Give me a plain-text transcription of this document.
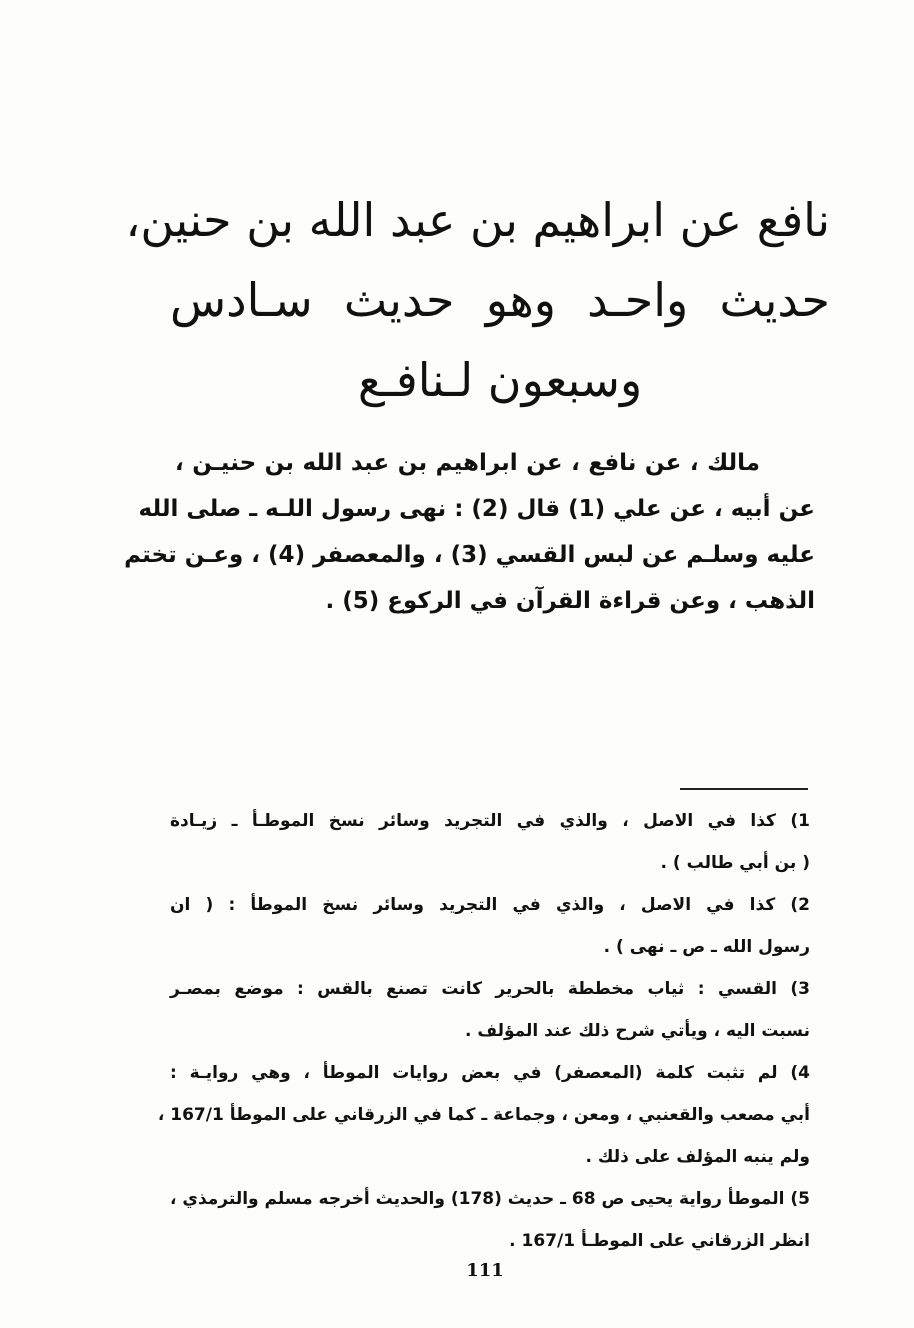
نافع عن ابراهيم بن عبد الله بن حنين،
حديث واحـد وهو حديث سـادس
وسبعون لـنافـع
مالك ، عن نافع ، عن ابراهيم بن عبد الله بن حنيـن ،
عن أبيه ، عن علي (1) قال (2) : نهى رسول اللـه ـ صلى الله
عليه وسلـم عن لبس القسي (3) ، والمعصفر (4) ، وعـن تختم
الذهب ، وعن قراءة القرآن في الركوع (5) .
1) كذا في الاصل ، والذي في التجريد وسائر نسخ الموطـأ ـ زيـادة
( بن أبي طالب ) .
2) كذا في الاصل ، والذي في التجريد وسائر نسخ الموطأ : ( ان
رسول الله ـ ص ـ نهى ) .
3) القسي : ثياب مخططة بالحرير كانت تصنع بالقس : موضع بمصـر
نسبت اليه ، ويأتي شرح ذلك عند المؤلف .
4) لم تثبت كلمة (المعصفر) في بعض روايات الموطأ ، وهي روايـة :
أبي مصعب والقعنبي ، ومعن ، وجماعة ـ كما في الزرقاني على الموطأ 167/1 ،
ولم ينبه المؤلف على ذلك .
5) الموطأ رواية يحيى ص 68 ـ حديث (178) والحديث أخرجه مسلم والترمذي ،
انظر الزرقاني على الموطـأ 167/1 .
111
